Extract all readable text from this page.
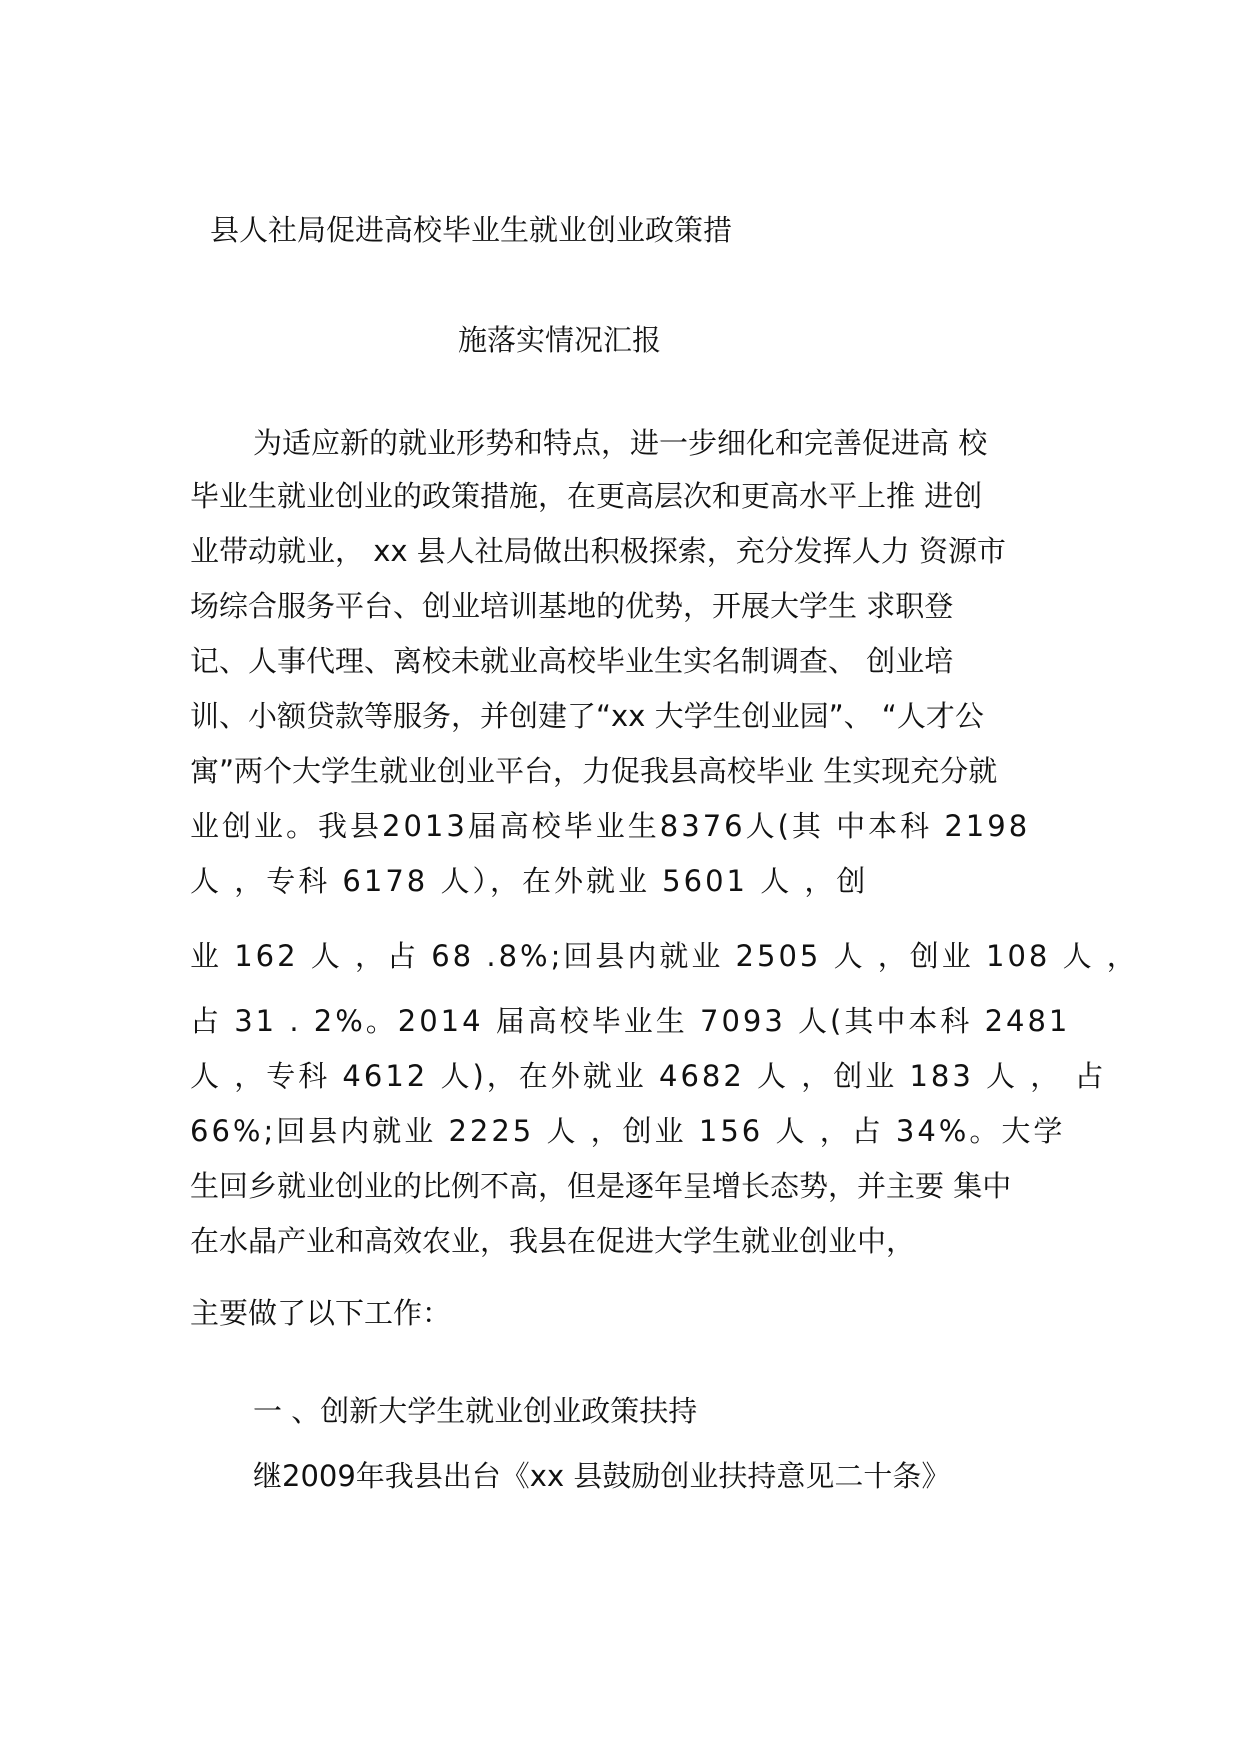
县人社局促进高校毕业生就业创业政策措
施落实情况汇报
为适应新的就业形势和特点，进一步细化和完善促进高 校
毕业生就业创业的政策措施，在更高层次和更高水平上推 进创
业带动就业， xx 县人社局做出积极探索，充分发挥人力 资源市
场综合服务平台、创业培训基地的优势，开展大学生 求职登
记、人事代理、离校未就业高校毕业生实名制调查、 创业培
训、小额贷款等服务，并创建了“xx 大学生创业园”、 “人才公
寓”两个大学生就业创业平台，力促我县高校毕业 生实现充分就
业创业。我县2013届高校毕业生8376人(其 中本科 2198
人 ，专科 6178 人），在外就业 5601 人 ，创
业 162 人 ，占 68 .8%;回县内就业 2505 人 ，创业 108 人 ，
占 31 . 2%。2014 届高校毕业生 7093 人(其中本科 2481
人 ，专科 4612 人)，在外就业 4682 人 ，创业 183 人 ， 占
66%;回县内就业 2225 人 ，创业 156 人 ，占 34%。大学
生回乡就业创业的比例不高，但是逐年呈增长态势，并主要 集中
在水晶产业和高效农业，我县在促进大学生就业创业中，
主要做了以下工作：
一 、创新大学生就业创业政策扶持
继2009年我县出台《xx 县鼓励创业扶持意见二十条》
